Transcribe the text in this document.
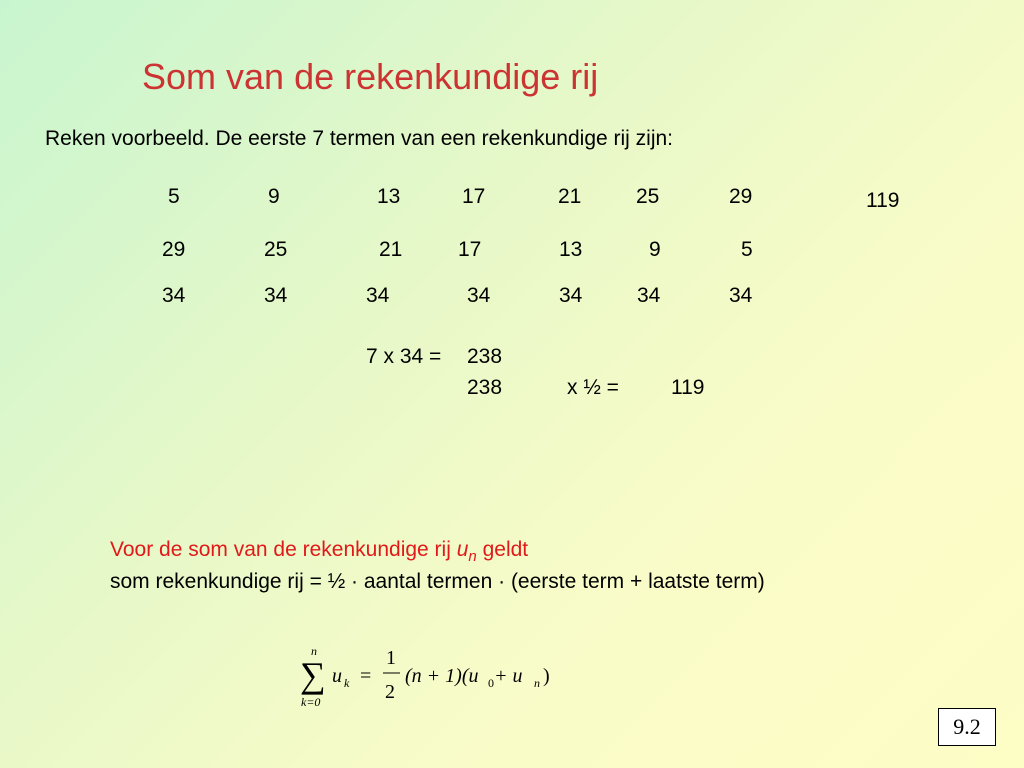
Som van de rekenkundige rij
Reken voorbeeld. De eerste 7 termen van een rekenkundige rij zijn:
5	9	13	17	21	25	29	119
29	25	21	17	13	9	5
34	34	34	34	34	34	34
7 x 34 = 238
238	x ½ = 119
Voor de som van de rekenkundige rij $u_n$ geldt
som rekenkundige rij = ½ · aantal termen · (eerste term + laatste term)
n
∑
k=0
u k =
1
2
(n + 1)(u 0 + u n )
9.2
